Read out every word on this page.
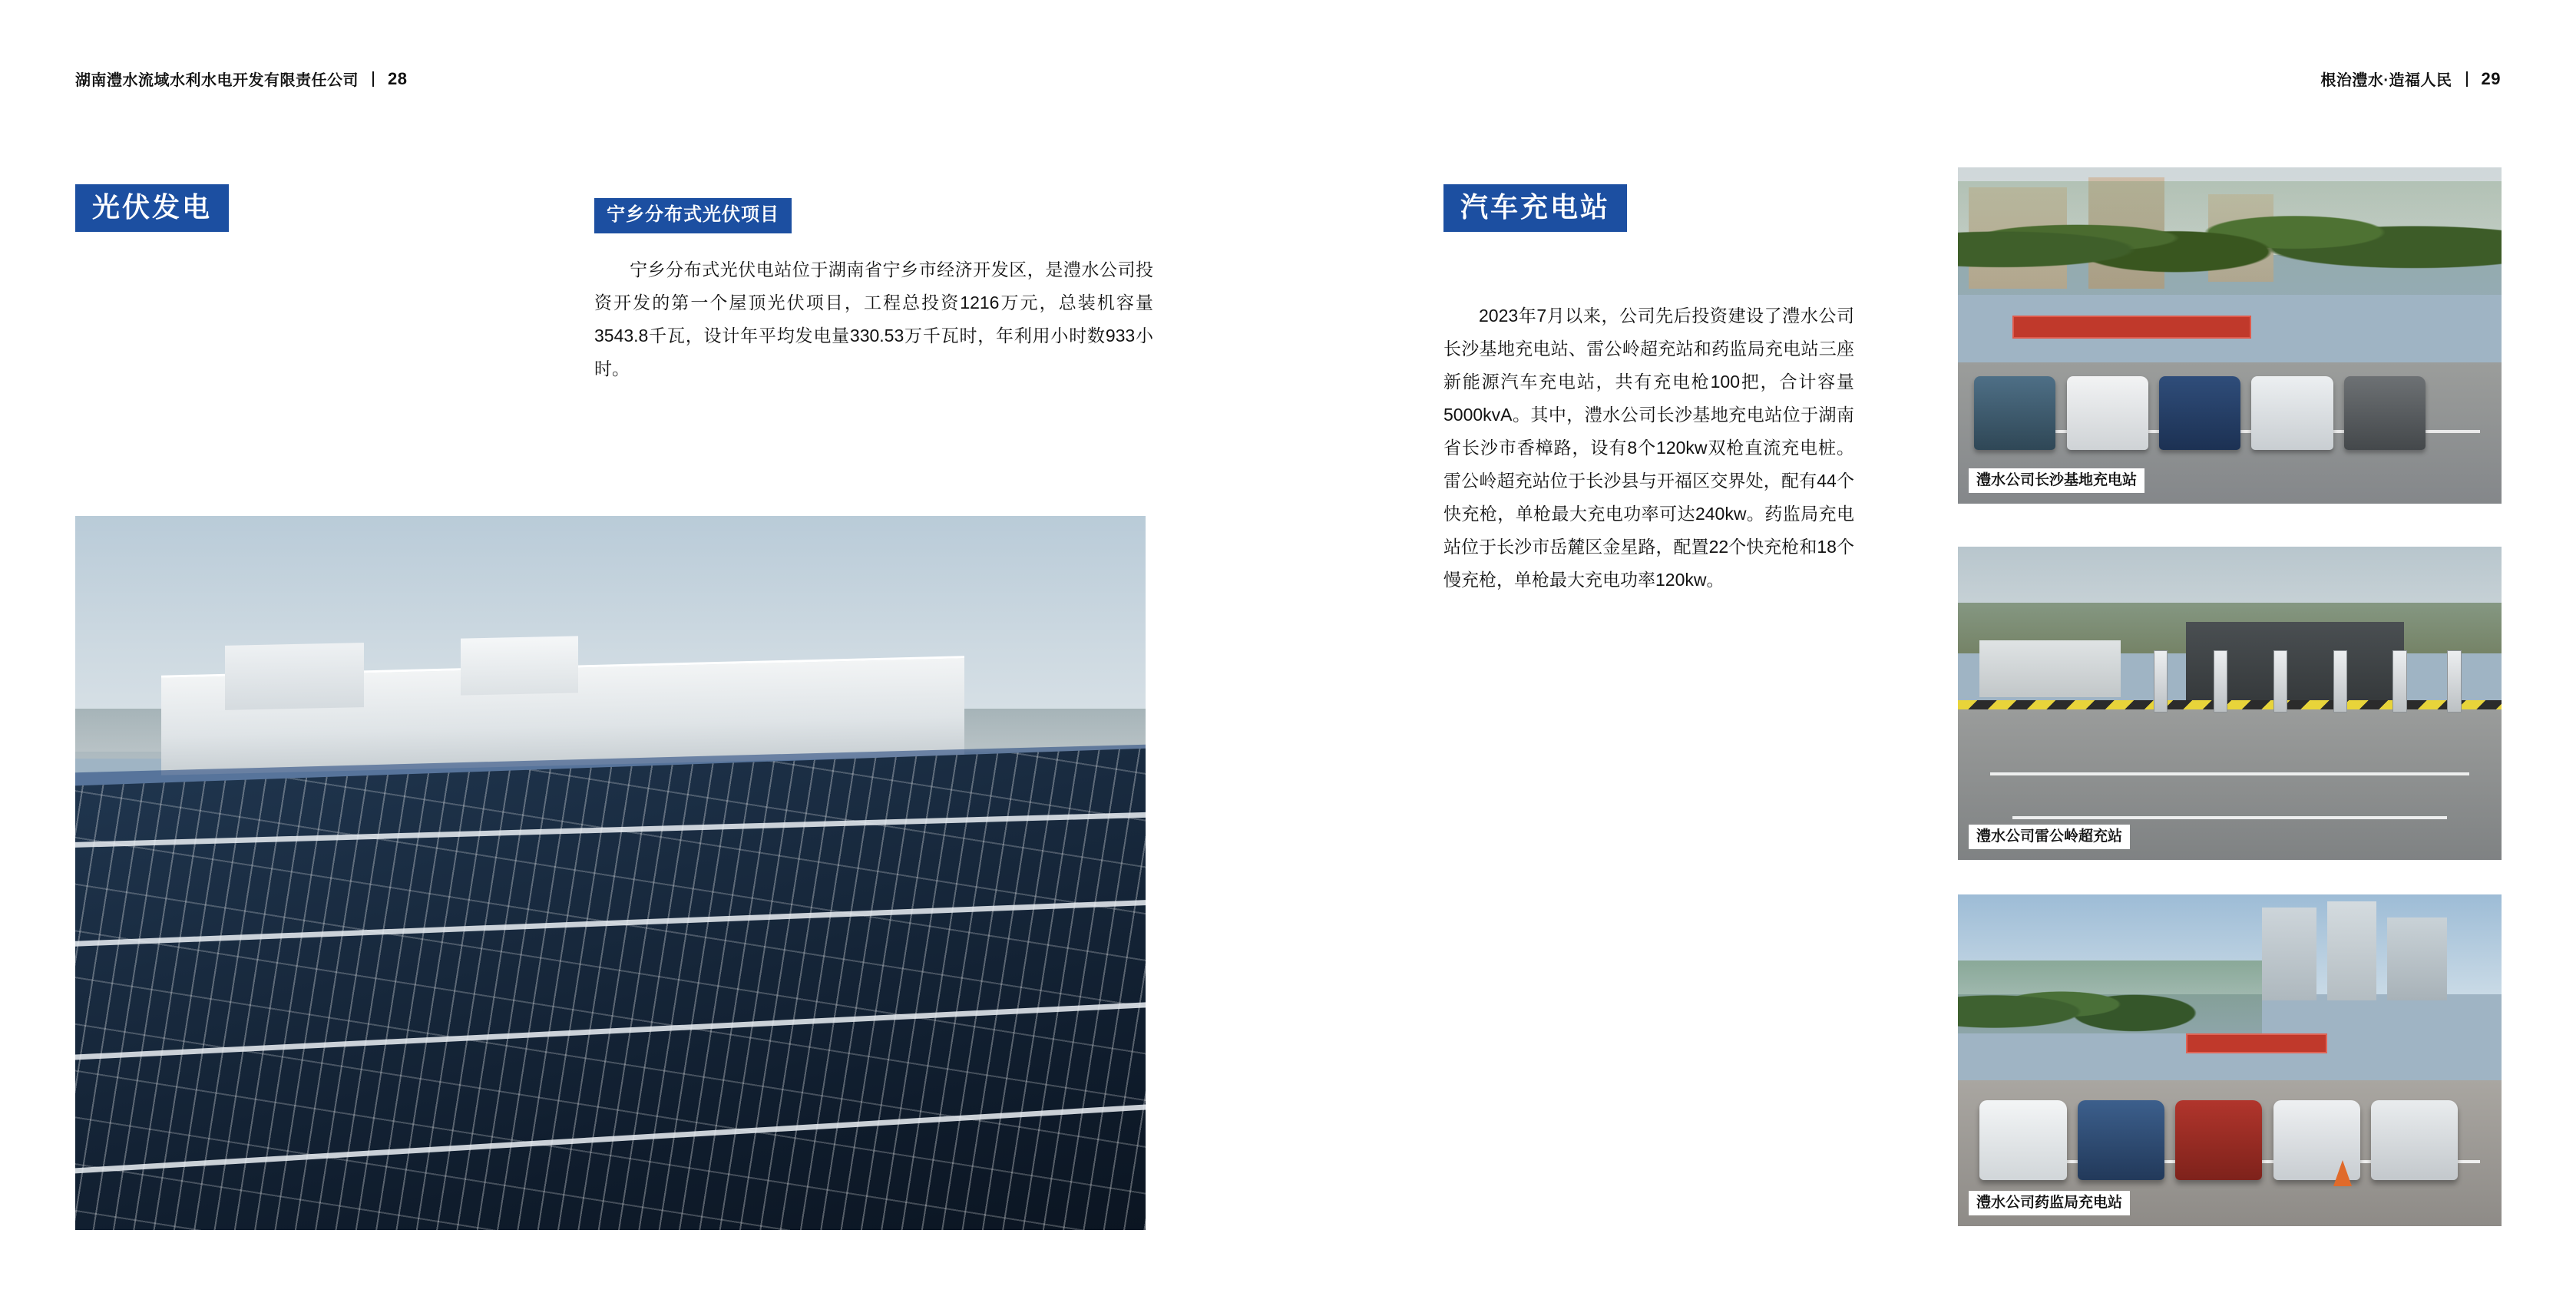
湖南澧水流域水利水电开发有限责任公司 28	根治澧水·造福人民 29
光伏发电	宁乡分布式光伏项目

宁乡分布式光伏电站位于湖南省宁乡市经济开发区，是澧水公司投资开发的第一个屋顶光伏项目，工程总投资1216万元，总装机容量3543.8千瓦，设计年平均发电量330.53万千瓦时，年利用小时数933小时。

汽车充电站

2023年7月以来，公司先后投资建设了澧水公司长沙基地充电站、雷公岭超充站和药监局充电站三座新能源汽车充电站，共有充电枪100把，合计容量5000kvA。其中，澧水公司长沙基地充电站位于湖南省长沙市香樟路，设有8个120kw双枪直流充电桩。雷公岭超充站位于长沙县与开福区交界处，配有44个快充枪，单枪最大充电功率可达240kw。药监局充电站位于长沙市岳麓区金星路，配置22个快充枪和18个慢充枪，单枪最大充电功率120kw。

澧水公司长沙基地充电站
澧水公司雷公岭超充站
澧水公司药监局充电站
